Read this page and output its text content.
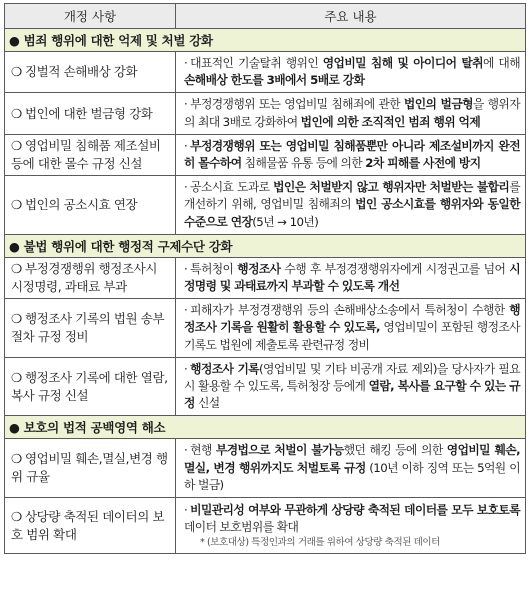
개정 사항	주요 내용
● 범죄 행위에 대한 억제 및 처벌 강화	
❍ 징벌적 손해배상 강화	· 대표적인 기술탈취 행위인 영업비밀 침해 및 아이디어 탈취에 대해 손해배상 한도를 3배에서 5배로 강화
❍ 법인에 대한 벌금형 강화	· 부정경쟁행위 또는 영업비밀 침해죄에 관한 법인의 벌금형을 행위자의 최대 3배로 강화하여 법인에 의한 조직적인 범죄 행위 억제
❍ 영업비밀 침해품 제조설비 등에 대한 몰수 규정 신설	· 부정경쟁행위 또는 영업비밀 침해품뿐만 아니라 제조설비까지 완전히 몰수하여 침해물품 유통 등에 의한 2차 피해를 사전에 방지
❍ 법인의 공소시효 연장	· 공소시효 도과로 법인은 처벌받지 않고 행위자만 처벌받는 불합리를 개선하기 위해, 영업비밀 침해죄의 법인 공소시효를 행위자와 동일한 수준으로 연장(5년 → 10년)
● 불법 행위에 대한 행정적 구제수단 강화	
❍ 부정경쟁행위 행정조사시 시정명령, 과태료 부과	· 특허청이 행정조사 수행 후 부정경쟁행위자에게 시정권고를 넘어 시정명령 및 과태료까지 부과할 수 있도록 개선
❍ 행정조사 기록의 법원 송부 절차 규정 정비	· 피해자가 부정경쟁행위 등의 손해배상소송에서 특허청이 수행한 행정조사 기록을 원활히 활용할 수 있도록, 영업비밀이 포함된 행정조사 기록도 법원에 제출토록 관련규정 정비
❍ 행정조사 기록에 대한 열람, 복사 규정 신설	· 행정조사 기록(영업비밀 및 기타 비공개 자료 제외)을 당사자가 필요시 활용할 수 있도록, 특허청장 등에게 열람, 복사를 요구할 수 있는 규정 신설
● 보호의 법적 공백영역 해소	
❍ 영업비밀 훼손,멸실,변경 행위 규율	· 현행 부경법으로 처벌이 불가능했던 해킹 등에 의한 영업비밀 훼손, 멸실, 변경 행위까지도 처벌토록 규정 (10년 이하 징역 또는 5억원 이하 벌금)
❍ 상당량 축적된 데이터의 보호 범위 확대	· 비밀관리성 여부와 무관하게 상당량 축적된 데이터를 모두 보호토록 데이터 보호범위를 확대
* (보호대상) 특정인과의 거래를 위하여 상당량 축적된 데이터
